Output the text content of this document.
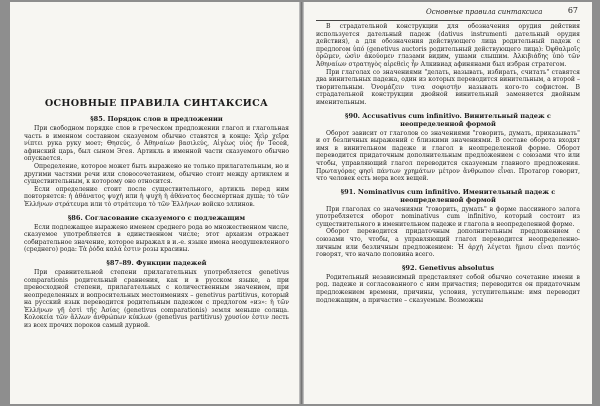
ОСНОВНЫЕ ПРАВИЛА СИНТАКСИСА
§85. Порядок слов в предложении

При свободном порядке слов в греческом предложении глагол и глагольная часть в именном составном сказуемом обычно ставятся в конце: Χεὶρ χεῖρα νίπτει рука руку моет; Θησεύς, ὁ Ἀθηναίων βασιλεύς, Αἰγέως υἱὸς ἦν Тесей, афинский царь, был сыном Эгея. Артикль в именной части сказуемого обычно опускается.

Определение, которое может быть выражено не только прилагательным, но и другими частями речи или словосочетанием, обычно стоит между артиклем и существительным, к которому оно относится.

Если определение стоит после существительного, артикль перед ним повторяется: ἡ ἀθάνατος ψυχή или ἡ ψυχὴ ἡ ἀθάνατος бессмертная душа; τὸ τῶν Ἑλλήνων στράτευμα или τὸ στράτευμα τὸ τῶν Ἑλλήνων войско эллинов.

§86. Согласование сказуемого с подлежащим

Если подлежащее выражено именем среднего рода во множественном числе, сказуемое употребляется в единственном числе; этот архаизм отражает собирательное значение, которое выражал в и.-е. языке имена неодушевленного (среднего) рода: Τὰ ῥόδα καλά ἐστιν розы красивы.

§87–89. Функции падежей

При сравнительной степени прилагательных употребляется genetivus comparationis родительный сравнения, как и в русском языке, а при превосходной степени, прилагательных с количественным значением, при неопределенных и вопросительных местоимениях – genetivus partitivus, который на русский язык переводится родительным падежом с предлогом «из»: ἡ τῶν Ἑλλήνων γῆ ἐστὶ τῆς Ἀσίας (genetivus comparationis) земля меньше солнца. Κολοκεία τῶν ἄλλων ἀνθρώπων κύκλων (genetivus partitivus) χρυσίον ἐστιν лесть из всех прочих пороков самый дурной.

Основные правила синтаксиса	67

В страдательной конструкции для обозначения орудия действия используется дательный падеж (dativus instrumenti дательный орудия действия), а для обозначения действующего лица родительный падеж с предлогом ὑπό (genetivus auctoris родительный действующего лица): Ὀφθαλμοῖς ὁρῶμεν, ὠσὶν ἀκούομεν глазами видим, ушами слышим. Ἀλκιβιάδης ὑπὸ τῶν Ἀθηναίων στρατηγὸς αἱρεθεὶς ἦν Алкивиад афинянами был избран стратегом.

При глаголах со значениями "делать, называть, избирать, считать" ставятся два винительных падежа, один из которых переводится винительным, а второй – творительным. Ὀνομάζειν τινα σοφιστήν называть кого-то софистом. В страдательной конструкции двойной винительный заменяется двойным именительным.

§90. Accusativus cum infinitivo. Винительный падеж с неопределенной формой

Оборот зависит от глаголов со значениями "говорить, думать, приказывать" и от безличных выражений с близкими значениями. В составе оборота входят имя в винительном падеже и глагол в неопределенной форме. Оборот переводится придаточным дополнительным предложением с союзами что или чтобы, управляющий глагол переводится сказуемым главного предложения. Πρωταγόρας φησὶ πάντων χρημάτων μέτρον ἄνθρωπον εἶναι. Протагор говорит, что человек есть мера всех вещей.

§91. Nominativus cum infinitivo. Именительный падеж с неопределенной формой

При глаголах со значениями "говорить, думать" в форме пассивного залога употребляется оборот nominativus cum infinitivo, который состоит из существительного в именительном падеже и глагола в неопределенной форме.

Оборот переводится придаточным дополнительным предложением с союзами что, чтобы, а управляющий глагол переводится неопределенно-личным или безличным предложением: Ἡ ἀρχὴ λέγεται ἥμισυ εἶναι παντός говорят, что начало половина всего.

§92. Genetivus absolutus

Родительный независимый представляет собой обычно сочетание имени в род. падеже и согласованного с ним причастия; переводится он придаточным предложением времени, причины, условия, уступительным: имя переводит подлежащим, а причастие – сказуемым. Возможны
